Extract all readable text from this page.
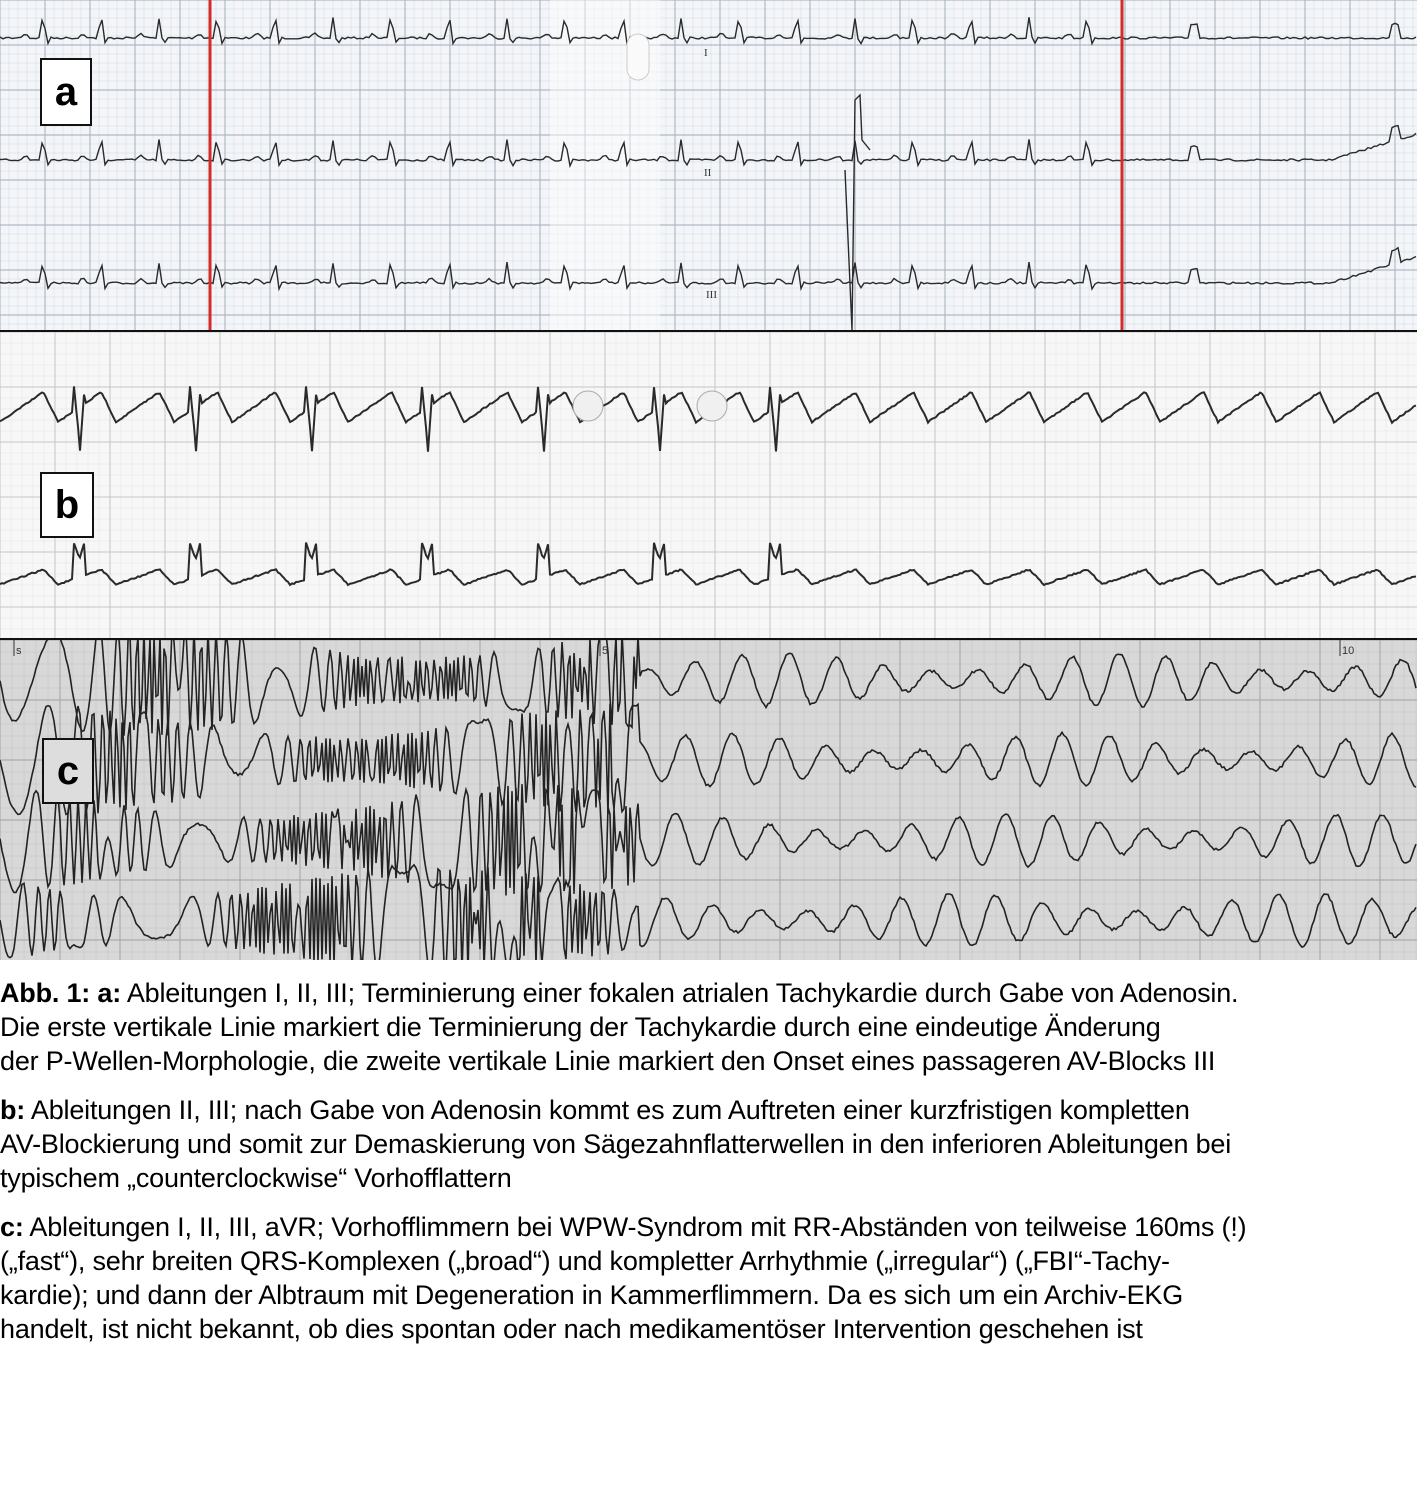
I
II
III
s	5	10
a
b
c

Abb. 1: a: Ableitungen I, II, III; Terminierung einer fokalen atrialen Tachykardie durch Gabe von Adenosin.
Die erste vertikale Linie markiert die Terminierung der Tachykardie durch eine eindeutige Änderung
der P-Wellen-Morphologie, die zweite vertikale Linie markiert den Onset eines passageren AV-Blocks III

b: Ableitungen II, III; nach Gabe von Adenosin kommt es zum Auftreten einer kurzfristigen kompletten
AV-Blockierung und somit zur Demaskierung von Sägezahnflatterwellen in den inferioren Ableitungen bei
typischem „counterclockwise“ Vorhofflattern

c: Ableitungen I, II, III, aVR; Vorhofflimmern bei WPW-Syndrom mit RR-Abständen von teilweise 160ms (!)
(„fast“), sehr breiten QRS-Komplexen („broad“) und kompletter Arrhythmie („irregular“) („FBI“-Tachy-
kardie); und dann der Albtraum mit Degeneration in Kammerflimmern. Da es sich um ein Archiv-EKG
handelt, ist nicht bekannt, ob dies spontan oder nach medikamentöser Intervention geschehen ist
